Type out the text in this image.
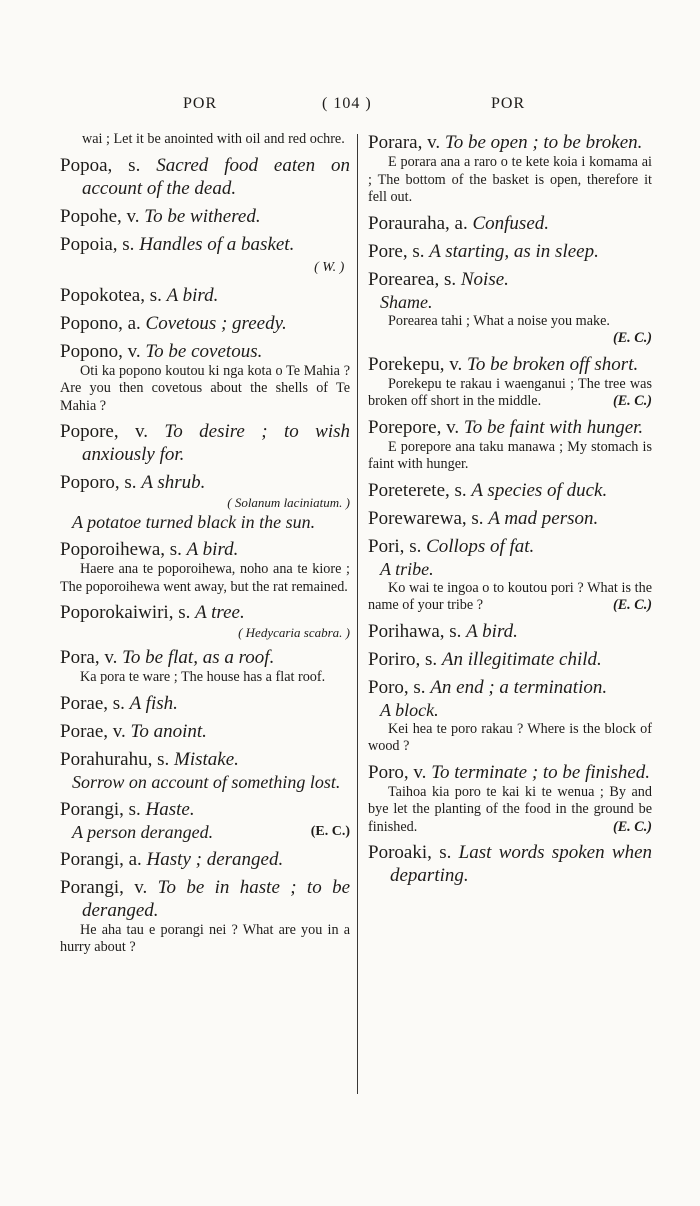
POR	( 104 )	POR

wai ; Let it be anointed with oil and red ochre.

Popoa, s. Sacred food eaten on account of the dead.
Popohe, v. To be withered.
Popoia, s. Handles of a basket.

( W. )
Popokotea, s. A bird.
Popono, a. Covetous ; greedy.
Popono, v. To be covetous.

Oti ka popono koutou ki nga kota o Te Mahia ? Are you then covetous about the shells of Te Mahia ?

Popore, v. To desire ; to wish anxiously for.
Poporo, s. A shrub.
( Solanum laciniatum. )
A potatoe turned black in the sun.
Poporoihewa, s. A bird.

Haere ana te poporoihewa, noho ana te kiore ; The poporoihewa went away, but the rat remained.

Poporokaiwiri, s. A tree.
( Hedycaria scabra. )
Pora, v. To be flat, as a roof.

Ka pora te ware ; The house has a flat roof.

Porae, s. A fish.
Porae, v. To anoint.
Porahurahu, s. Mistake.
Sorrow on account of something lost.
Porangi, s. Haste.
A person deranged.	(E. C.)
Porangi, a. Hasty ; deranged.
Porangi, v. To be in haste ; to be deranged.

He aha tau e porangi nei ? What are you in a hurry about ?

Porara, v. To be open ; to be broken.

E porara ana a raro o te kete koia i komama ai ; The bottom of the basket is open, therefore it fell out.

Porauraha, a. Confused.
Pore, s. A starting, as in sleep.
Porearea, s. Noise.
Shame.

Porearea tahi ; What a noise you make.
(E. C.)

Porekepu, v. To be broken off short.

Porekepu te rakau i waenganui ; The tree was broken off short in the middle.	(E. C.)

Porepore, v. To be faint with hunger.

E porepore ana taku manawa ; My stomach is faint with hunger.

Poreterete, s. A species of duck.
Porewarewa, s. A mad person.
Pori, s. Collops of fat.
A tribe.

Ko wai te ingoa o to koutou pori ? What is the name of your tribe ?	(E. C.)

Porihawa, s. A bird.
Poriro, s. An illegitimate child.
Poro, s. An end ; a termination.
A block.

Kei hea te poro rakau ? Where is the block of wood ?

Poro, v. To terminate ; to be finished.

Taihoa kia poro te kai ki te wenua ; By and bye let the planting of the food in the ground be finished.	(E. C.)

Poroaki, s. Last words spoken when departing.
